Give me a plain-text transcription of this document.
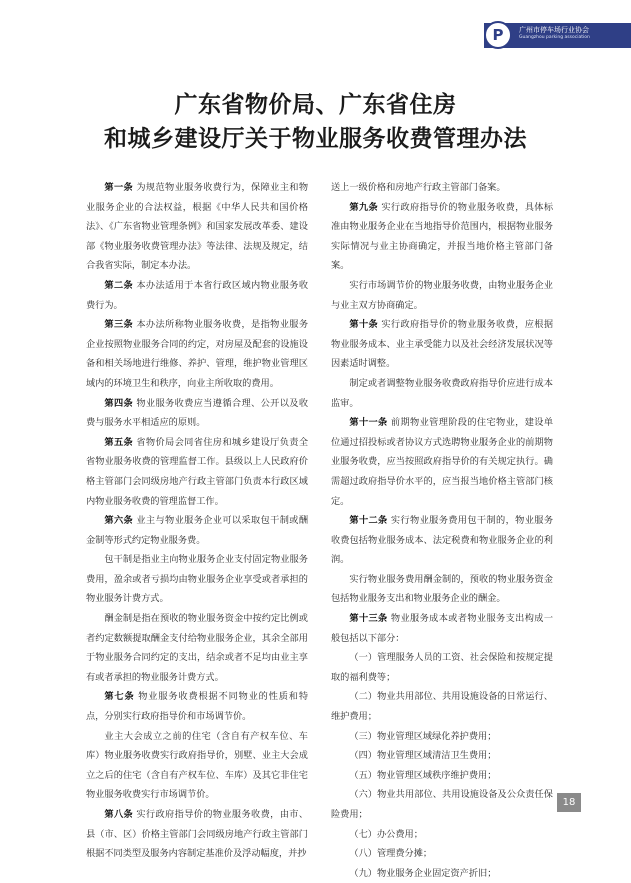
P 广州市停车场行业协会
Guangzhou parking association
广东省物价局、广东省住房
和城乡建设厅关于物业服务收费管理办法

第一条 为规范物业服务收费行为，保障业主和物业服务企业的合法权益，根据《中华人民共和国价格法》、《广东省物业管理条例》和国家发展改革委、建设部《物业服务收费管理办法》等法律、法规及规定，结合我省实际，制定本办法。

第二条 本办法适用于本省行政区域内物业服务收费行为。

第三条 本办法所称物业服务收费，是指物业服务企业按照物业服务合同的约定，对房屋及配套的设施设备和相关场地进行维修、养护、管理，维护物业管理区域内的环境卫生和秩序，向业主所收取的费用。

第四条 物业服务收费应当遵循合理、公开以及收费与服务水平相适应的原则。

第五条 省物价局会同省住房和城乡建设厅负责全省物业服务收费的管理监督工作。县级以上人民政府价格主管部门会同级房地产行政主管部门负责本行政区域内物业服务收费的管理监督工作。

第六条 业主与物业服务企业可以采取包干制或酬金制等形式约定物业服务费。

包干制是指业主向物业服务企业支付固定物业服务费用，盈余或者亏损均由物业服务企业享受或者承担的物业服务计费方式。

酬金制是指在预收的物业服务资金中按约定比例或者约定数额提取酬金支付给物业服务企业，其余全部用于物业服务合同约定的支出，结余或者不足均由业主享有或者承担的物业服务计费方式。

第七条 物业服务收费根据不同物业的性质和特点，分别实行政府指导价和市场调节价。

业主大会成立之前的住宅（含自有产权车位、车库）物业服务收费实行政府指导价，别墅、业主大会成立之后的住宅（含自有产权车位、车库）及其它非住宅物业服务收费实行市场调节价。

第八条 实行政府指导价的物业服务收费，由市、县（市、区）价格主管部门会同级房地产行政主管部门根据不同类型及服务内容制定基准价及浮动幅度，并抄

送上一级价格和房地产行政主管部门备案。

第九条 实行政府指导价的物业服务收费，具体标准由物业服务企业在当地指导价范围内，根据物业服务实际情况与业主协商确定，并报当地价格主管部门备案。

实行市场调节价的物业服务收费，由物业服务企业与业主双方协商确定。

第十条 实行政府指导价的物业服务收费，应根据物业服务成本、业主承受能力以及社会经济发展状况等因素适时调整。

制定或者调整物业服务收费政府指导价应进行成本监审。

第十一条 前期物业管理阶段的住宅物业，建设单位通过招投标或者协议方式选聘物业服务企业的前期物业服务收费，应当按照政府指导价的有关规定执行。确需超过政府指导价水平的，应当报当地价格主管部门核定。

第十二条 实行物业服务费用包干制的，物业服务收费包括物业服务成本、法定税费和物业服务企业的利润。

实行物业服务费用酬金制的，预收的物业服务资金包括物业服务支出和物业服务企业的酬金。

第十三条 物业服务成本或者物业服务支出构成一般包括以下部分：

（一）管理服务人员的工资、社会保险和按规定提取的福利费等；

（二）物业共用部位、共用设施设备的日常运行、维护费用；

（三）物业管理区域绿化养护费用；

（四）物业管理区域清洁卫生费用；

（五）物业管理区域秩序维护费用；

（六）物业共用部位、共用设施设备及公众责任保险费用；

（七）办公费用；

（八）管理费分摊；

（九）物业服务企业固定资产折旧；

18
